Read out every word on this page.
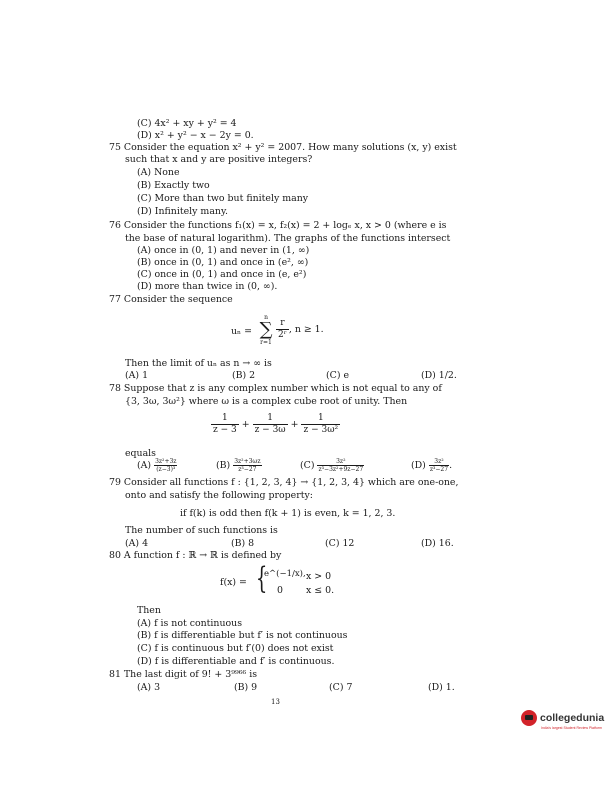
(C) 4x² + xy + y² = 4
(D) x² + y² − x − 2y = 0.
75 Consider the equation x² + y² = 2007. How many solutions (x, y) exist
such that x and y are positive integers?
(A) None
(B) Exactly two
(C) More than two but finitely many
(D) Infinitely many.
76 Consider the functions f₁(x) = x, f₂(x) = 2 + logₑ x, x > 0 (where e is
the base of natural logarithm). The graphs of the functions intersect
(A) once in (0, 1) and never in (1, ∞)
(B) once in (0, 1) and once in (e², ∞)
(C) once in (0, 1) and once in (e, e²)
(D) more than twice in (0, ∞).
77 Consider the sequence
uₙ =
n
∑
r=1
$\frac{r}{\text{2ʳ}}$ , n ≥ 1.
Then the limit of uₙ as n → ∞ is
(A) 1	(B) 2	(C) e	(D) 1/2.
78 Suppose that z is any complex number which is not equal to any of
{3, 3ω, 3ω²} where ω is a complex cube root of unity. Then
$\frac{1}{z - 3} + \frac{1}{z - 3\omega} + \frac{1}{\text{z − 3ω²}}$
equals
$(A) \frac{\text{3z²+3z}}{\text{(z−3)³}}$	$(B) \frac{\text{3z²+3ωz}}{\text{z³−27}}$	$(C) \frac{\text{3z²}}{\text{z³−3z²+9z−27}}$	$(D) \frac{\text{3z²}}{\text{z³−27}}$ .
79 Consider all functions f : {1, 2, 3, 4} → {1, 2, 3, 4} which are one-one,
onto and satisfy the following property:
if f(k) is odd then f(k + 1) is even, k = 1, 2, 3.
The number of such functions is
(A) 4	(B) 8	(C) 12	(D) 16.
80 A function f : ℝ → ℝ is defined by
f(x) = {
e^(−1/x), x > 0
0 x ≤ 0.
Then
(A) f is not continuous
(B) f is differentiable but f′ is not continuous
(C) f is continuous but f′(0) does not exist
(D) f is differentiable and f′ is continuous.
81 The last digit of 9! + 3⁹⁹⁶⁶ is
(A) 3	(B) 9	(C) 7	(D) 1.
13
collegedunia
India's largest Student Review Platform
